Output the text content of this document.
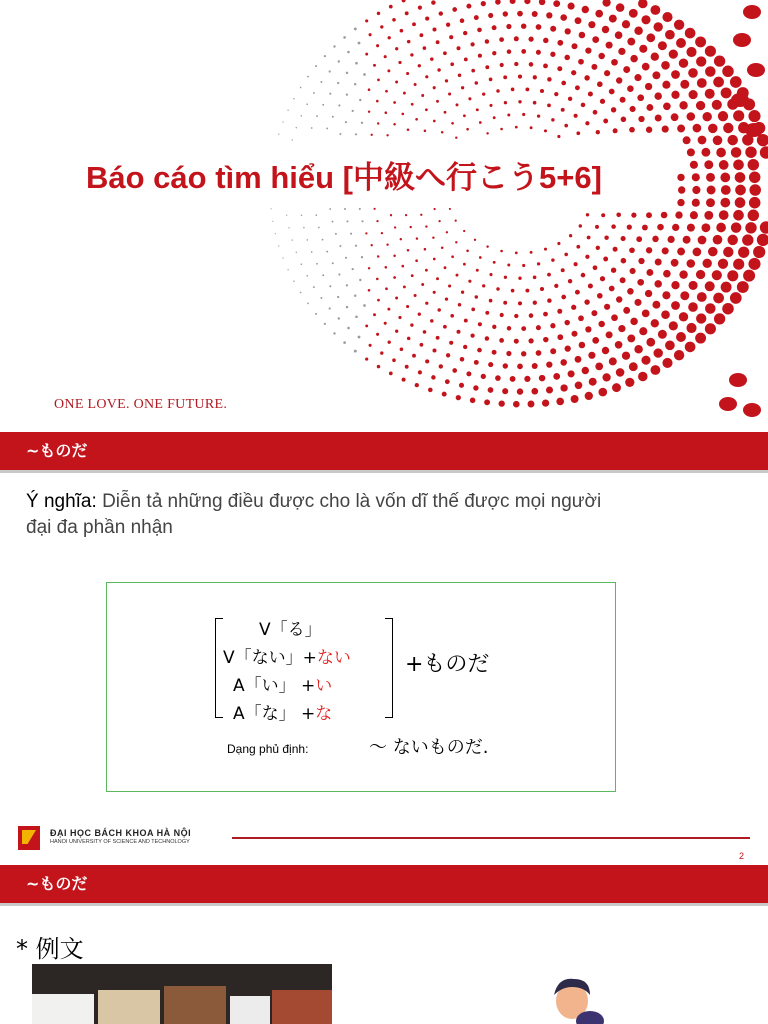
Báo cáo tìm hiểu [中級へ行こう5+6]
ONE LOVE. ONE FUTURE.
~ものだ
Ý nghĩa: Diễn tả những điều được cho là vốn dĩ thế được mọi người
đại đa phần nhận
V「る」
V「ない」+ない
A「い」 +い
A「な」 +な
+ものだ
Dạng phủ định:	～ ないものだ.
ĐẠI HỌC BÁCH KHOA HÀ NỘI
HANOI UNIVERSITY OF SCIENCE AND TECHNOLOGY
2
~ものだ
* 例文
